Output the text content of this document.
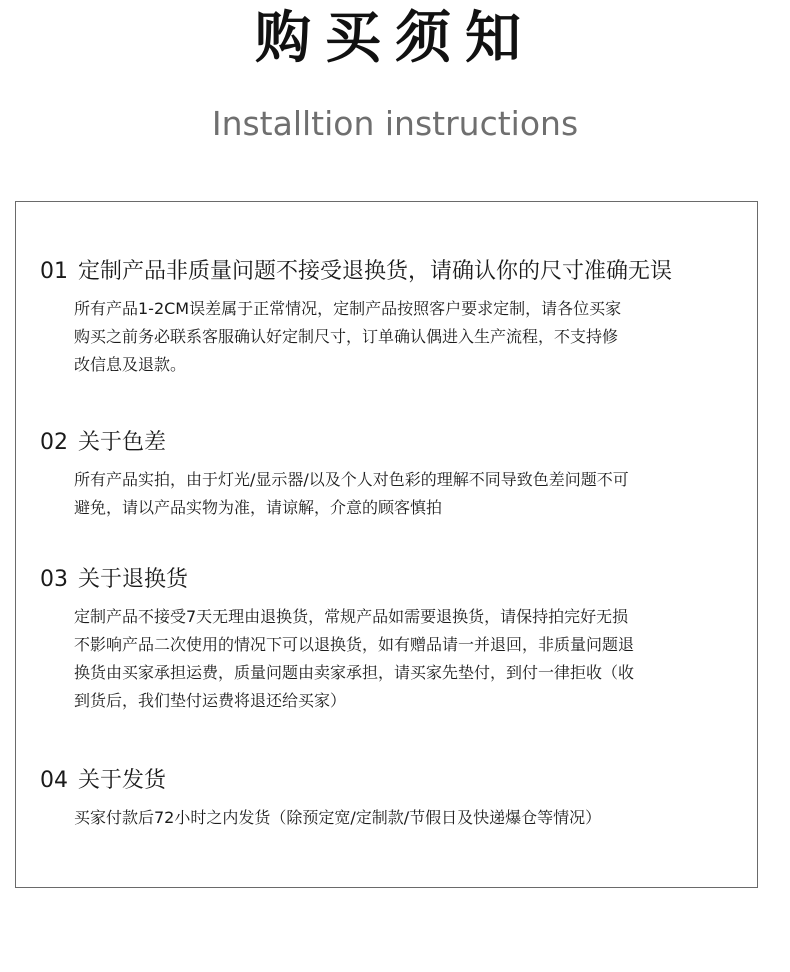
购买须知
Installtion instructions
01 定制产品非质量问题不接受退换货，请确认你的尺寸准确无误

所有产品1-2CM误差属于正常情况，定制产品按照客户要求定制，请各位买家

购买之前务必联系客服确认好定制尺寸，订单确认偶进入生产流程，不支持修

改信息及退款。

02 关于色差

所有产品实拍，由于灯光/显示器/以及个人对色彩的理解不同导致色差问题不可

避免，请以产品实物为准，请谅解，介意的顾客慎拍

03 关于退换货

定制产品不接受7天无理由退换货，常规产品如需要退换货，请保持拍完好无损

不影响产品二次使用的情况下可以退换货，如有赠品请一并退回，非质量问题退

换货由买家承担运费，质量问题由卖家承担，请买家先垫付，到付一律拒收（收

到货后，我们垫付运费将退还给买家）

04 关于发货

买家付款后72小时之内发货（除预定宽/定制款/节假日及快递爆仓等情况）
